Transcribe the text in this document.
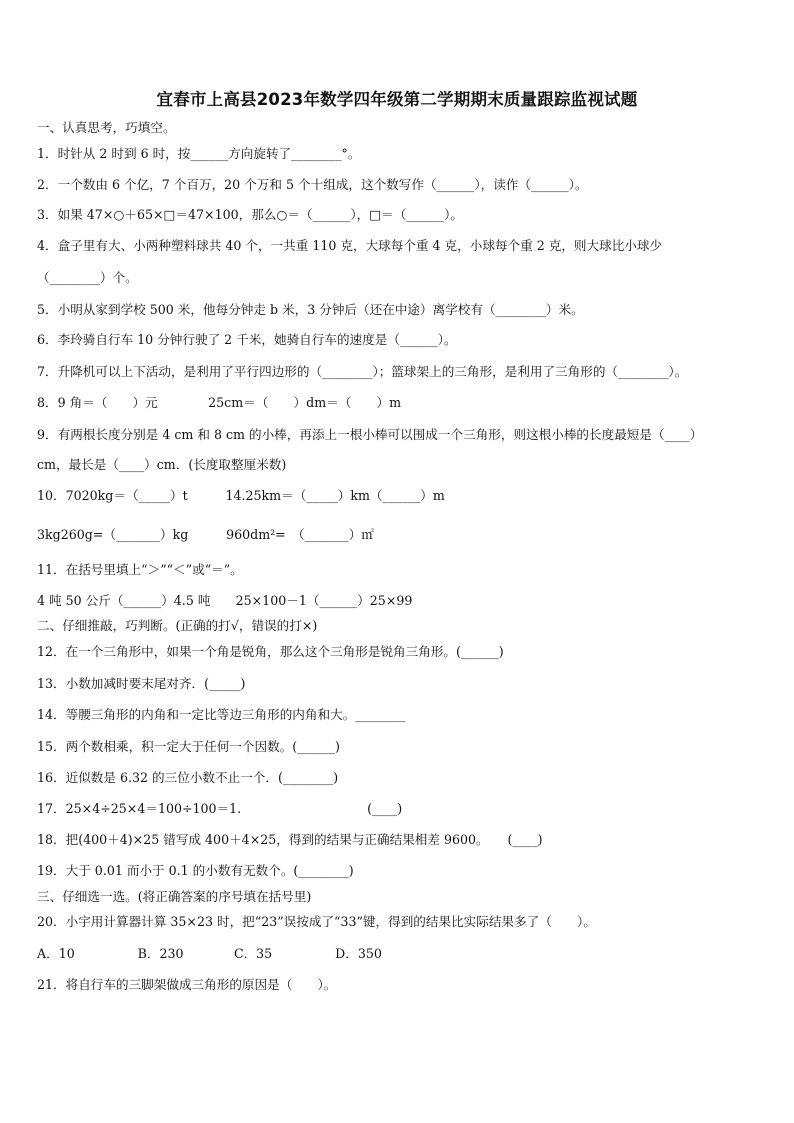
宜春市上高县2023年数学四年级第二学期期末质量跟踪监视试题
一、认真思考，巧填空。
1．时针从 2 时到 6 时，按______方向旋转了________°。
2．一个数由 6 个亿，7 个百万，20 个万和 5 个十组成，这个数写作（______），读作（______）。
3．如果 47×○＋65×□＝47×100，那么○＝（______），□＝（______）。
4．盒子里有大、小两种塑料球共 40 个，一共重 110 克，大球每个重 4 克，小球每个重 2 克，则大球比小球少
（________）个。
5．小明从家到学校 500 米，他每分钟走 b 米，3 分钟后（还在中途）离学校有（________）米。
6．李玲骑自行车 10 分钟行驶了 2 千米，她骑自行车的速度是（______）。
7．升降机可以上下活动，是利用了平行四边形的（________）；篮球架上的三角形，是利用了三角形的（________）。
8．9 角＝（　　）元　　　　25cm＝（　　）dm＝（　　）m
9．有两根长度分别是 4 cm 和 8 cm 的小棒，再添上一根小棒可以围成一个三角形，则这根小棒的长度最短是（____）
cm，最长是（____）cm．(长度取整厘米数)
10．7020kg＝（_____）t　　　14.25km＝（_____）km（______）m
3kg260g=（_______）kg　　　960dm²=　（_______）㎡
11．在括号里填上“＞”“＜”或“＝”。
4 吨 50 公斤（______）4.5 吨　　25×100－1（______）25×99
二、仔细推敲，巧判断。(正确的打√，错误的打×)
12．在一个三角形中，如果一个角是锐角，那么这个三角形是锐角三角形。(______)
13．小数加减时要末尾对齐．(_____)
14．等腰三角形的内角和一定比等边三角形的内角和大。________
15．两个数相乘，积一定大于任何一个因数。(______)
16．近似数是 6.32 的三位小数不止一个．(________)
17．25×4÷25×4＝100÷100＝1.　　　　　　　　　　(____)
18．把(400＋4)×25 错写成 400＋4×25，得到的结果与正确结果相差 9600。　　(____)
19．大于 0.01 而小于 0.1 的小数有无数个。(________)
三、仔细选一选。(将正确答案的序号填在括号里)
20．小宇用计算器计算 35×23 时，把“23”误按成了“33”键，得到的结果比实际结果多了（　　）。
A．10　　　　　B．230　　　　C．35　　　　　D．350
21．将自行车的三脚架做成三角形的原因是（　　）。
